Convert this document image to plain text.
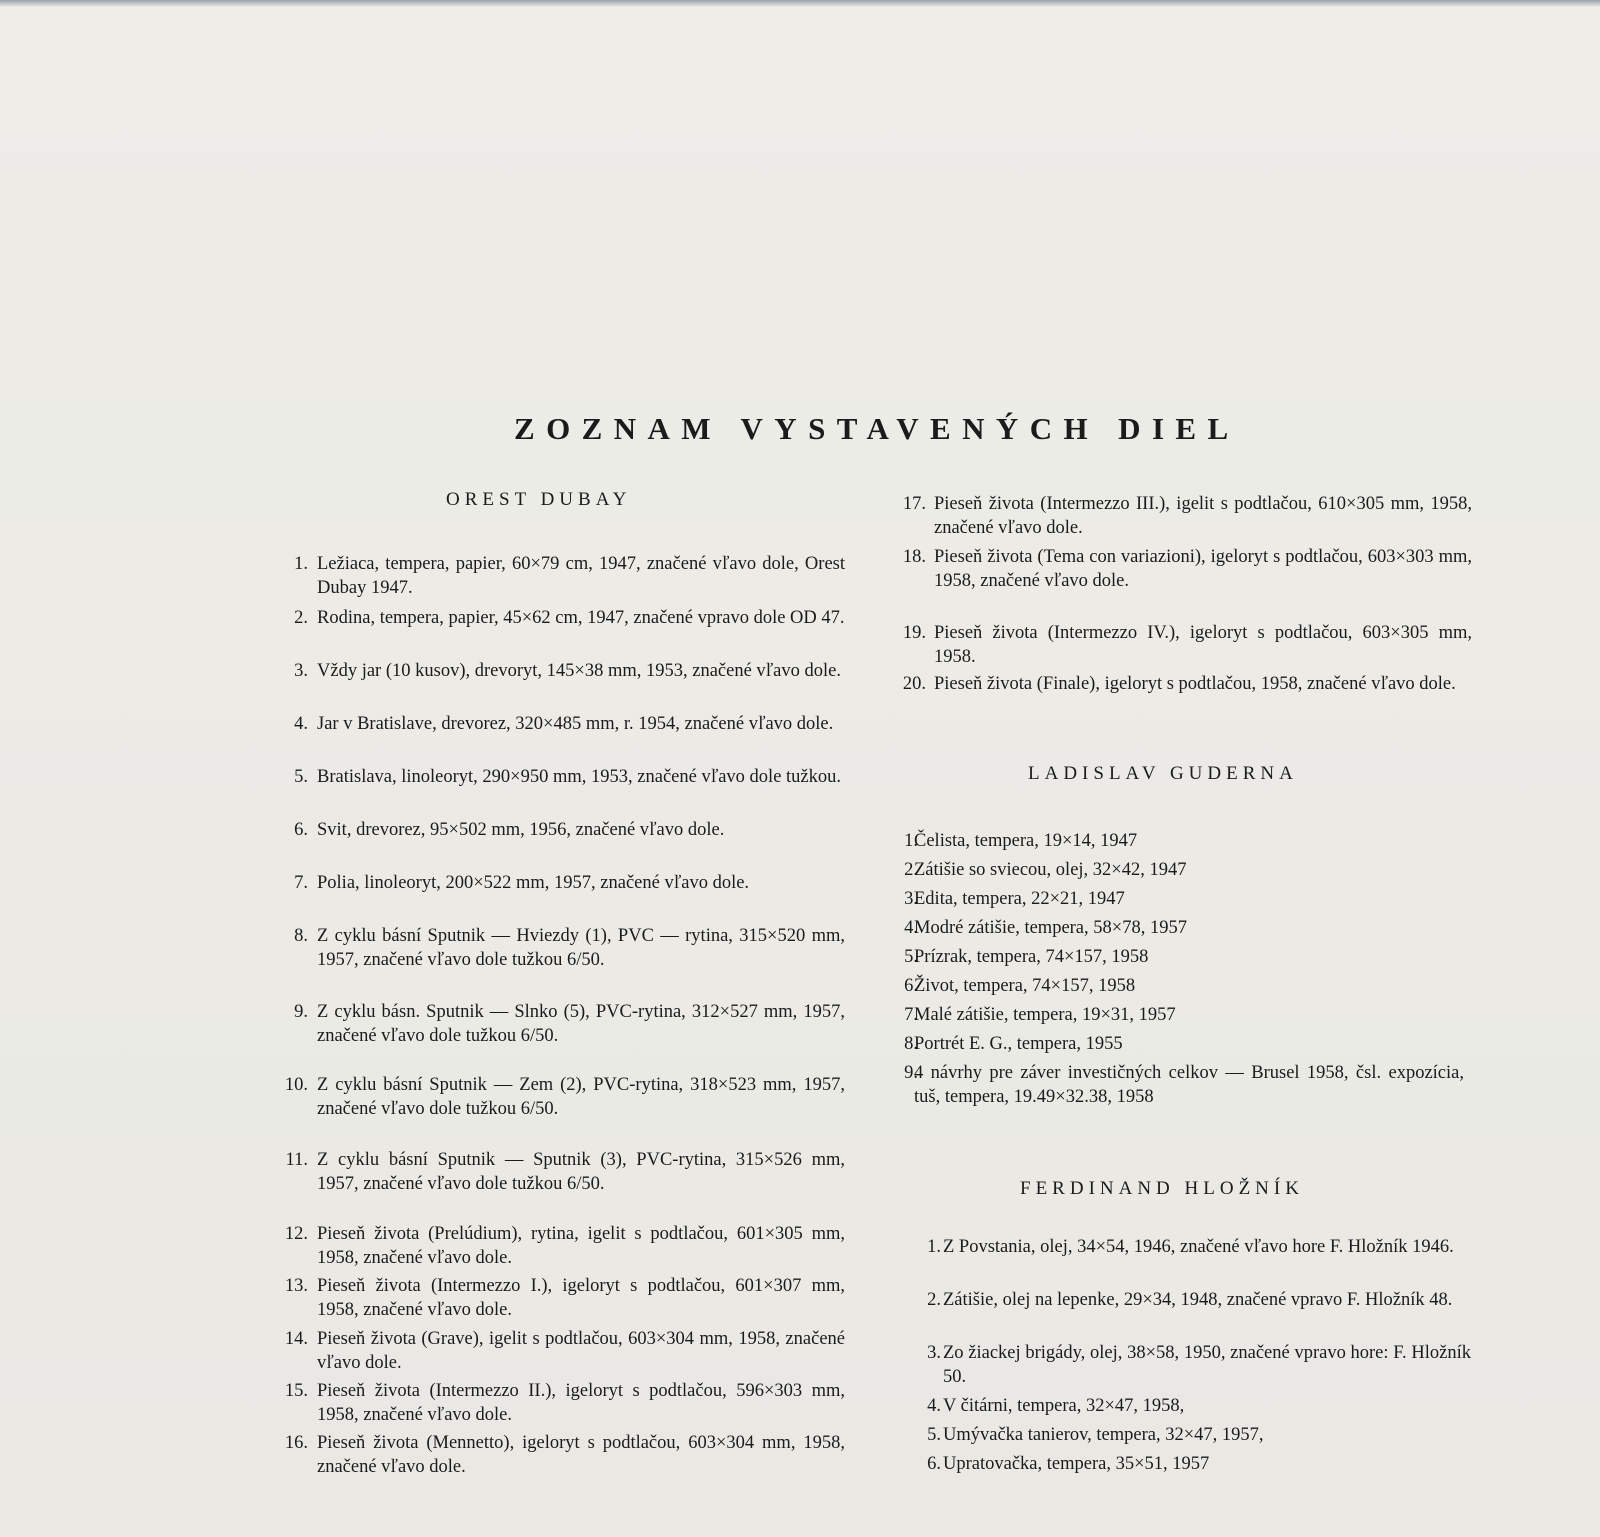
ZOZNAM VYSTAVENÝCH DIEL
OREST DUBAY
1. Ležiaca, tempera, papier, 60×79 cm, 1947, značené vľavo dole, Orest Dubay 1947.
2. Rodina, tempera, papier, 45×62 cm, 1947, značené vpravo dole OD 47.
3. Vždy jar (10 kusov), drevoryt, 145×38 mm, 1953, značené vľavo dole.
4. Jar v Bratislave, drevorez, 320×485 mm, r. 1954, značené vľavo dole.
5. Bratislava, linoleoryt, 290×950 mm, 1953, značené vľavo dole tužkou.
6. Svit, drevorez, 95×502 mm, 1956, značené vľavo dole.
7. Polia, linoleoryt, 200×522 mm, 1957, značené vľavo dole.
8. Z cyklu básní Sputnik — Hviezdy (1), PVC — rytina, 315×520 mm, 1957, značené vľavo dole tužkou 6/50.
9. Z cyklu básn. Sputnik — Slnko (5), PVC-rytina, 312×527 mm, 1957, značené vľavo dole tužkou 6/50.
10. Z cyklu básní Sputnik — Zem (2), PVC-rytina, 318×523 mm, 1957, značené vľavo dole tužkou 6/50.
11. Z cyklu básní Sputnik — Sputnik (3), PVC-rytina, 315×526 mm, 1957, značené vľavo dole tužkou 6/50.
12. Pieseň života (Prelúdium), rytina, igelit s podtlačou, 601×305 mm, 1958, značené vľavo dole.
13. Pieseň života (Intermezzo I.), igeloryt s podtlačou, 601×307 mm, 1958, značené vľavo dole.
14. Pieseň života (Grave), igelit s podtlačou, 603×304 mm, 1958, značené vľavo dole.
15. Pieseň života (Intermezzo II.), igeloryt s podtlačou, 596×303 mm, 1958, značené vľavo dole.
16. Pieseň života (Mennetto), igeloryt s podtlačou, 603×304 mm, 1958, značené vľavo dole.
17. Pieseň života (Intermezzo III.), igelit s podtlačou, 610×305 mm, 1958, značené vľavo dole.
18. Pieseň života (Tema con variazioni), igeloryt s podtlačou, 603×303 mm, 1958, značené vľavo dole.
19. Pieseň života (Intermezzo IV.), igeloryt s podtlačou, 603×305 mm, 1958.
20. Pieseň života (Finale), igeloryt s podtlačou, 1958, značené vľavo dole.
LADISLAV GUDERNA
1.
Čelista, tempera, 19×14, 1947
2.
Zátišie so sviecou, olej, 32×42, 1947
3.
Edita, tempera, 22×21, 1947
4.
Modré zátišie, tempera, 58×78, 1957
5.
Prízrak, tempera, 74×157, 1958
6.
Život, tempera, 74×157, 1958
7.
Malé zátišie, tempera, 19×31, 1957
8.
Portrét E. G., tempera, 1955
9.
4 návrhy pre záver investičných celkov — Brusel 1958, čsl. expozícia, tuš, tempera, 19.49×32.38, 1958
FERDINAND HLOŽNÍK
1. Z Povstania, olej, 34×54, 1946, značené vľavo hore F. Hložník 1946.
2. Zátišie, olej na lepenke, 29×34, 1948, značené vpravo F. Hložník 48.
3. Zo žiackej brigády, olej, 38×58, 1950, značené vpravo hore: F. Hložník 50.
4. V čitárni, tempera, 32×47, 1958,
5. Umývačka tanierov, tempera, 32×47, 1957,
6. Upratovačka, tempera, 35×51, 1957
